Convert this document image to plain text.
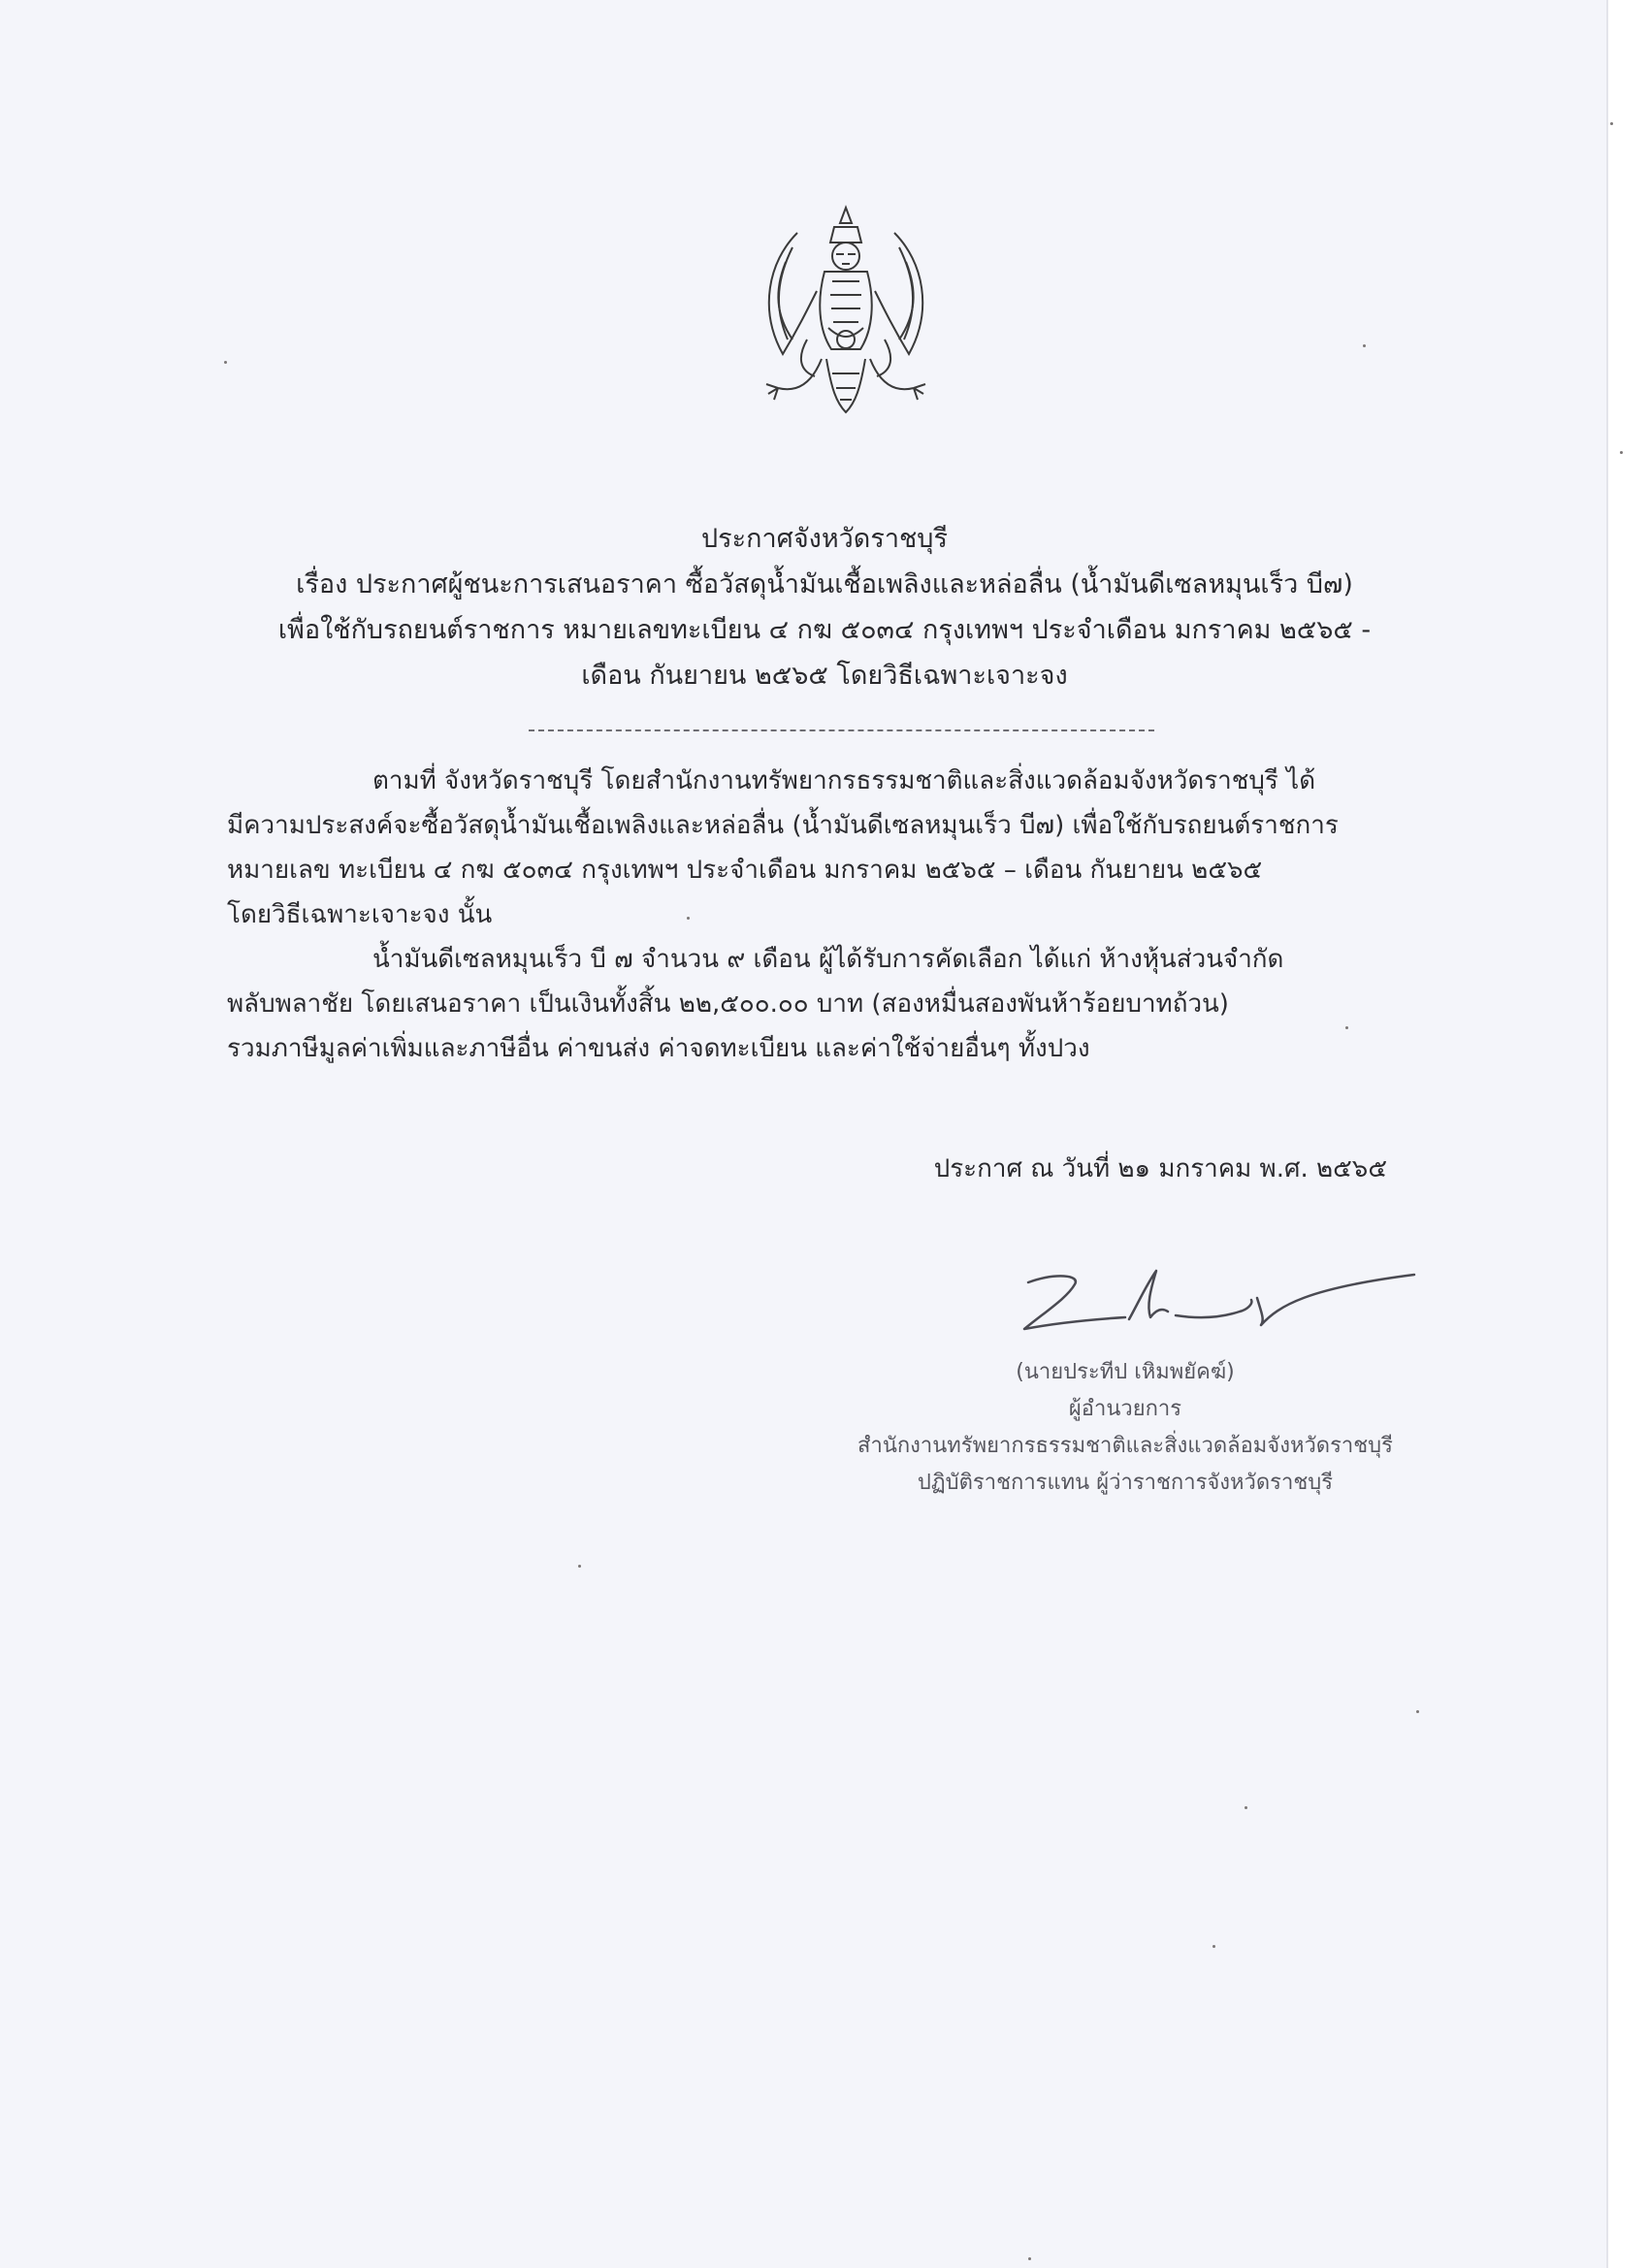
ประกาศจังหวัดราชบุรี
เรื่อง ประกาศผู้ชนะการเสนอราคา ซื้อวัสดุน้ำมันเชื้อเพลิงและหล่อลื่น (น้ำมันดีเซลหมุนเร็ว บี๗)
เพื่อใช้กับรถยนต์ราชการ หมายเลขทะเบียน ๔ กฆ ๕๐๓๔ กรุงเทพฯ ประจำเดือน มกราคม ๒๕๖๕ -
เดือน กันยายน ๒๕๖๕ โดยวิธีเฉพาะเจาะจง
ตามที่ จังหวัดราชบุรี โดยสำนักงานทรัพยากรธรรมชาติและสิ่งแวดล้อมจังหวัดราชบุรี ได้
มีความประสงค์จะซื้อวัสดุน้ำมันเชื้อเพลิงและหล่อลื่น (น้ำมันดีเซลหมุนเร็ว บี๗) เพื่อใช้กับรถยนต์ราชการ
หมายเลข ทะเบียน ๔ กฆ ๕๐๓๔ กรุงเทพฯ ประจำเดือน มกราคม ๒๕๖๕ – เดือน กันยายน ๒๕๖๕
โดยวิธีเฉพาะเจาะจง นั้น
น้ำมันดีเซลหมุนเร็ว บี ๗ จำนวน ๙ เดือน ผู้ได้รับการคัดเลือก ได้แก่ ห้างหุ้นส่วนจำกัด
พลับพลาชัย โดยเสนอราคา เป็นเงินทั้งสิ้น ๒๒,๕๐๐.๐๐ บาท (สองหมื่นสองพันห้าร้อยบาทถ้วน)
รวมภาษีมูลค่าเพิ่มและภาษีอื่น ค่าขนส่ง ค่าจดทะเบียน และค่าใช้จ่ายอื่นๆ ทั้งปวง
ประกาศ ณ วันที่ ๒๑ มกราคม พ.ศ. ๒๕๖๕
(นายประทีป เหิมพยัคฆ์)
ผู้อำนวยการ
สำนักงานทรัพยากรธรรมชาติและสิ่งแวดล้อมจังหวัดราชบุรี
ปฏิบัติราชการแทน ผู้ว่าราชการจังหวัดราชบุรี
